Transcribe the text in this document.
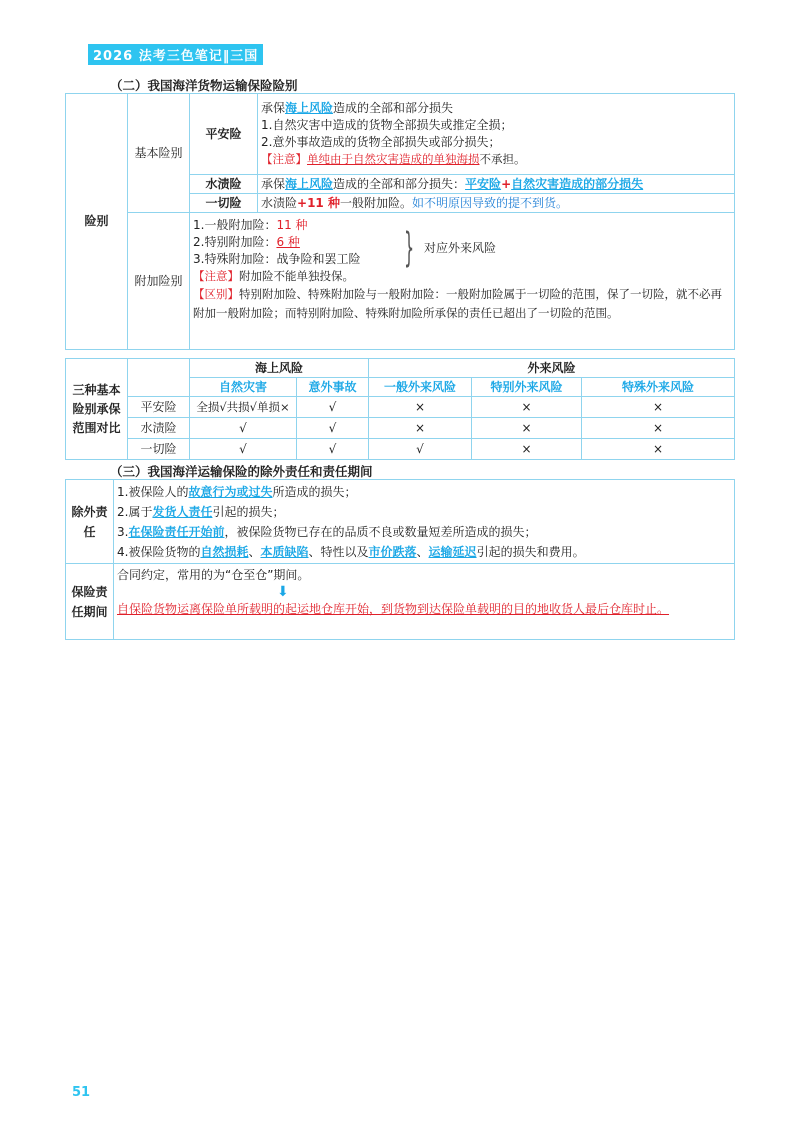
2026 法考三色笔记‖三国
（二）我国海洋货物运输保险险别
险别	基本险别	平安险	承保海上风险造成的全部和部分损失
1.自然灾害中造成的货物全部损失或推定全损；
2.意外事故造成的货物全部损失或部分损失；
【注意】单纯由于自然灾害造成的单独海损不承担。

		水渍险	承保海上风险造成的全部和部分损失：平安险+自然灾害造成的部分损失

		一切险	水渍险+11 种一般附加险。如不明原因导致的提不到货。

	附加险别	1.一般附加险：11 种
2.特别附加险：6 种
3.特殊附加险：战争险和罢工险
【注意】附加险不能单独投保。
【区别】特别附加险、特殊附加险与一般附加险：一般附加险属于一切险的范围，保了一切险，就不必再附加一般附加险；而特别附加险、特殊附加险所承保的责任已超出了一切险的范围。	
} 对应外来风险
三种基本险别承保范围对比		海上风险		外来风险		
		自然灾害	意外事故	一般外来风险	特别外来风险	特殊外来风险
	平安险	全损√共损√单损×	√	×	×	×
	水渍险	√	√	×	×	×
	一切险	√	√	√	×	×
（三）我国海洋运输保险的除外责任和责任期间
除外责任	1.被保险人的故意行为或过失所造成的损失；
2.属于发货人责任引起的损失；
3.在保险责任开始前，被保险货物已存在的品质不良或数量短差所造成的损失；
4.被保险货物的自然损耗、本质缺陷、特性以及市价跌落、运输延迟引起的损失和费用。

保险责任期间	合同约定，常用的为“仓至仓”期间。
⬇
自保险货物运离保险单所载明的起运地仓库开始，到货物到达保险单载明的目的地收货人最后仓库时止。
51
